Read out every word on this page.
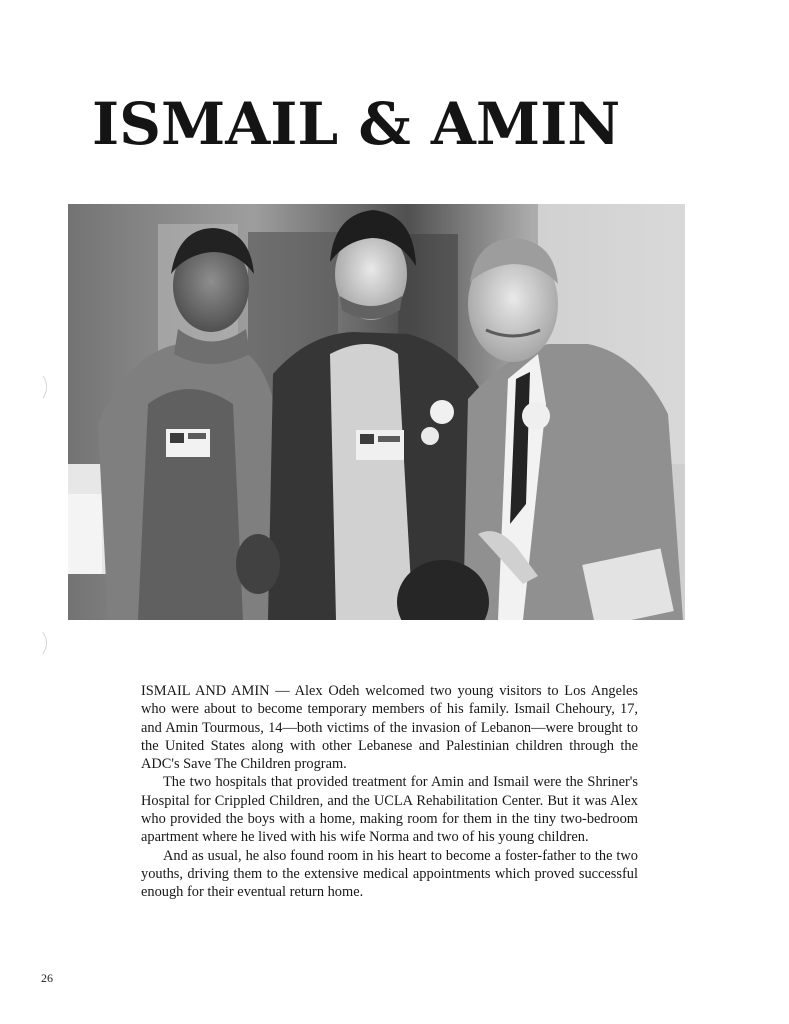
ISMAIL & AMIN

ISMAIL AND AMIN — Alex Odeh welcomed two young visitors to Los Angeles who were about to become temporary members of his family. Ismail Chehoury, 17, and Amin Tourmous, 14—both victims of the invasion of Lebanon—were brought to the United States along with other Lebanese and Palestinian children through the ADC's Save The Children program.

The two hospitals that provided treatment for Amin and Ismail were the Shriner's Hospital for Crippled Children, and the UCLA Rehabilitation Center. But it was Alex who provided the boys with a home, making room for them in the tiny two-bedroom apartment where he lived with his wife Norma and two of his young children.

And as usual, he also found room in his heart to become a foster-father to the two youths, driving them to the extensive medical appointments which proved successful enough for their eventual return home.

26
